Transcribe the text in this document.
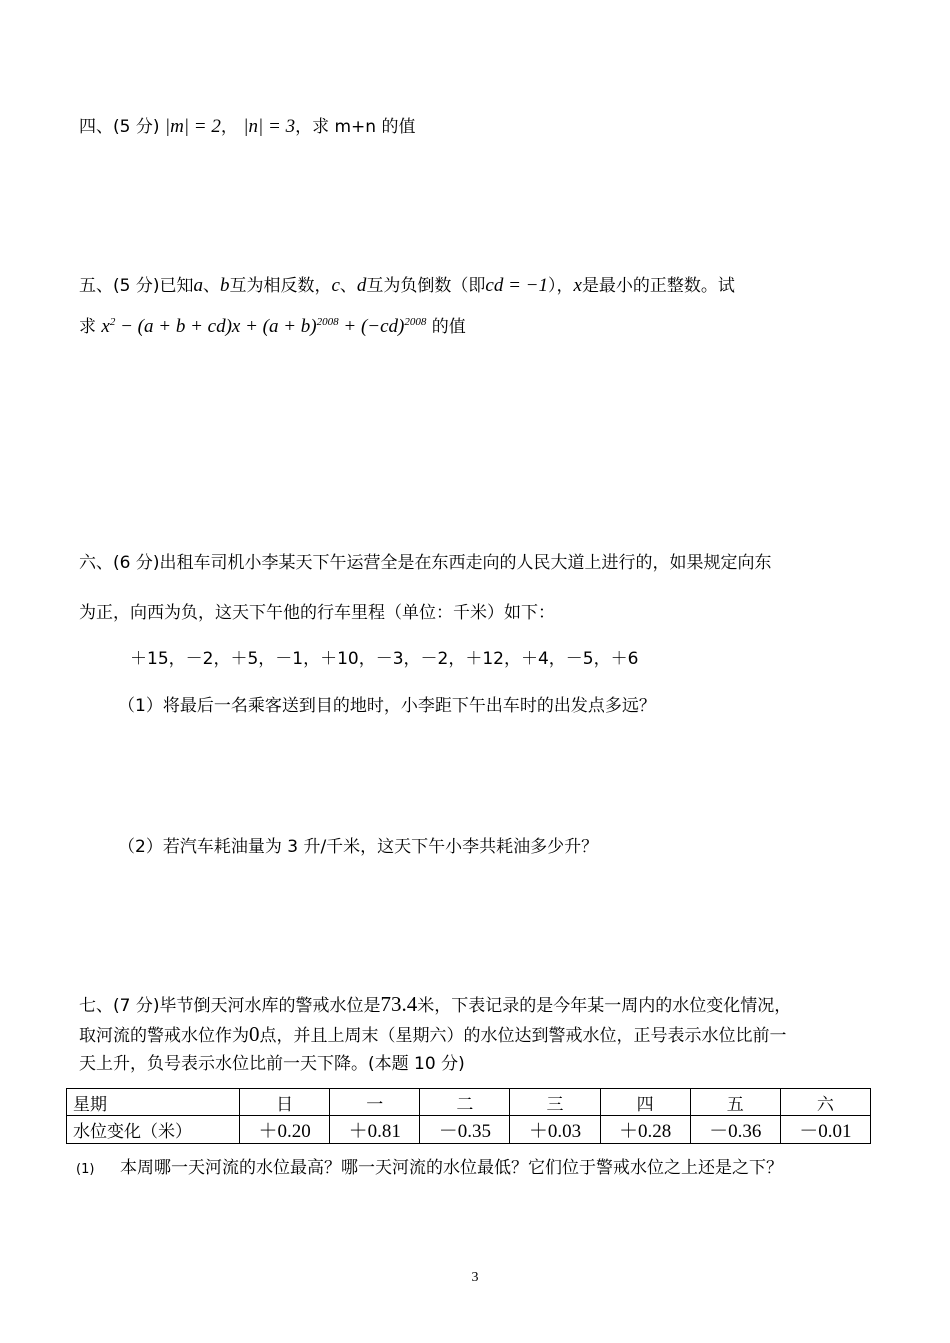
四、(5 分) |m| = 2， |n| = 3，求 m+n 的值
五、(5 分)已知a、b互为相反数，c、d互为负倒数（即cd = −1），x是最小的正整数。试
求 $x^2 - (a + b + cd)x + (a + b)^{2008} + (-cd)^{2008}$ 的值
六、(6 分)出租车司机小李某天下午运营全是在东西走向的人民大道上进行的，如果规定向东
为正，向西为负，这天下午他的行车里程（单位：千米）如下：
＋15，－2，＋5，－1，＋10，－3，－2，＋12，＋4，－5，＋6
（1）将最后一名乘客送到目的地时，小李距下午出车时的出发点多远？
（2）若汽车耗油量为 3 升/千米，这天下午小李共耗油多少升？
七、(7 分)毕节倒天河水库的警戒水位是73.4米，下表记录的是今年某一周内的水位变化情况，
取河流的警戒水位作为0点，并且上周末（星期六）的水位达到警戒水位，正号表示水位比前一
天上升，负号表示水位比前一天下降。(本题 10 分)
星期	日	一	二	三	四	五	六
水位变化（米）	＋0.20	＋0.81	－0.35	＋0.03	＋0.28	－0.36	－0.01
(1) 本周哪一天河流的水位最高？哪一天河流的水位最低？它们位于警戒水位之上还是之下？
3
